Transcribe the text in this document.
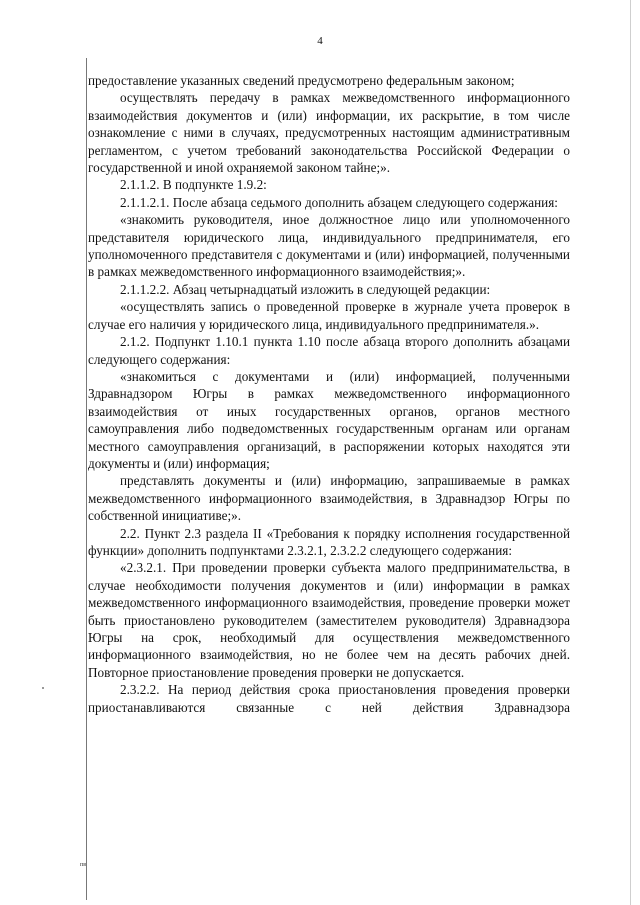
4

предоставление указанных сведений предусмотрено федеральным законом;

осуществлять передачу в рамках межведомственного информационного взаимодействия документов и (или) информации, их раскрытие, в том числе ознакомление с ними в случаях, предусмотренных настоящим административным регламентом, с учетом требований законодательства Российской Федерации о государственной и иной охраняемой законом тайне;».

2.1.1.2. В подпункте 1.9.2:

2.1.1.2.1. После абзаца седьмого дополнить абзацем следующего содержания:

«знакомить руководителя, иное должностное лицо или уполномоченного представителя юридического лица, индивидуального предпринимателя, его уполномоченного представителя с документами и (или) информацией, полученными в рамках межведомственного информационного взаимодействия;».

2.1.1.2.2. Абзац четырнадцатый изложить в следующей редакции:

«осуществлять запись о проведенной проверке в журнале учета проверок в случае его наличия у юридического лица, индивидуального предпринимателя.».

2.1.2. Подпункт 1.10.1 пункта 1.10 после абзаца второго дополнить абзацами следующего содержания:

«знакомиться с документами и (или) информацией, полученными Здравнадзором Югры в рамках межведомственного информационного взаимодействия от иных государственных органов, органов местного самоуправления либо подведомственных государственным органам или органам местного самоуправления организаций, в распоряжении которых находятся эти документы и (или) информация;

представлять документы и (или) информацию, запрашиваемые в рамках межведомственного информационного взаимодействия, в Здравнадзор Югры по собственной инициативе;».

2.2. Пункт 2.3 раздела II «Требования к порядку исполнения государственной функции» дополнить подпунктами 2.3.2.1, 2.3.2.2 следующего содержания:

«2.3.2.1. При проведении проверки субъекта малого предпринимательства, в случае необходимости получения документов и (или) информации в рамках межведомственного информационного взаимодействия, проведение проверки может быть приостановлено руководителем (заместителем руководителя) Здравнадзора Югры на срок, необходимый для осуществления межведомственного информационного взаимодействия, но не более чем на десять рабочих дней. Повторное приостановление проведения проверки не допускается.

2.3.2.2. На период действия срока приостановления проведения проверки приостанавливаются связанные с ней действия Здравнадзора

пв
